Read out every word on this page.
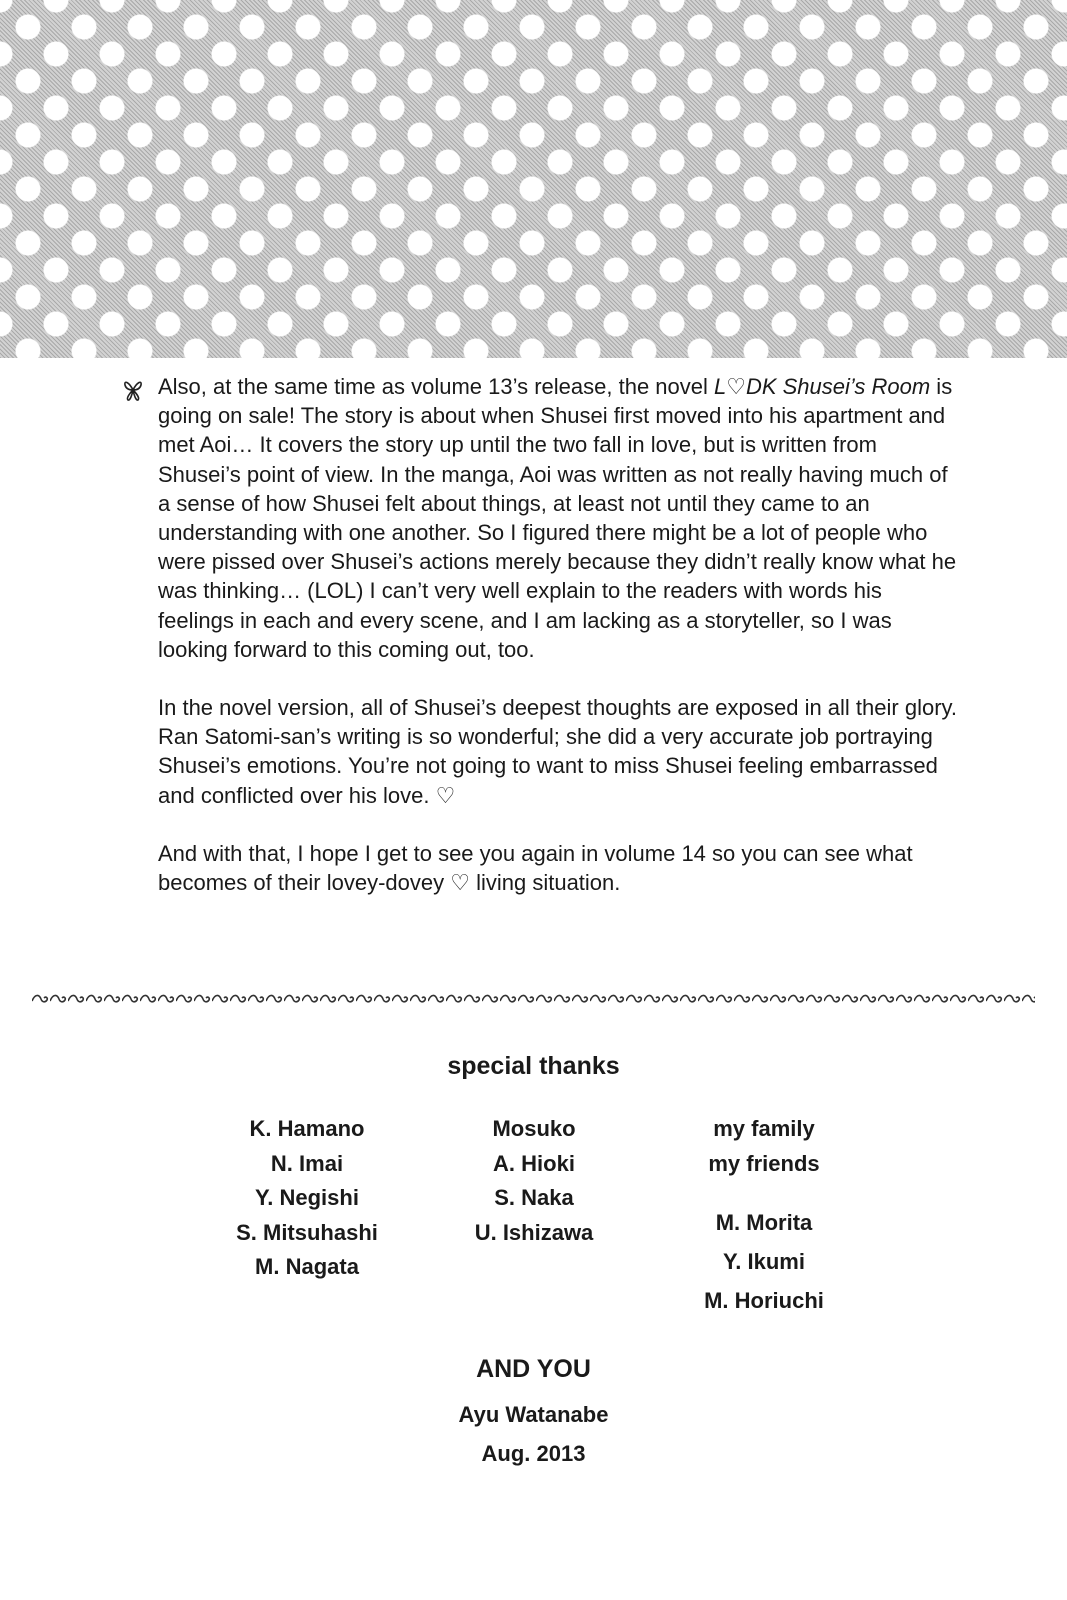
Also, at the same time as volume 13’s release, the novel L♡DK Shusei’s Room is going on sale! The story is about when Shusei first moved into his apartment and met Aoi… It covers the story up until the two fall in love, but is written from Shusei’s point of view. In the manga, Aoi was written as not really having much of a sense of how Shusei felt about things, at least not until they came to an understanding with one another. So I figured there might be a lot of people who were pissed over Shusei’s actions merely because they didn’t really know what he was thinking… (LOL) I can’t very well explain to the readers with words his feelings in each and every scene, and I am lacking as a storyteller, so I was looking forward to this coming out, too.

In the novel version, all of Shusei’s deepest thoughts are exposed in all their glory. Ran Satomi-san’s writing is so wonderful; she did a very accurate job portraying Shusei’s emotions. You’re not going to want to miss Shusei feeling embarrassed and conflicted over his love. ♡

And with that, I hope I get to see you again in volume 14 so you can see what becomes of their lovey-dovey ♡ living situation.

special thanks
K. Hamano
N. Imai
Y. Negishi
S. Mitsuhashi
M. Nagata
Mosuko
A. Hioki
S. Naka
U. Ishizawa
my family
my friends
M. Morita
Y. Ikumi
M. Horiuchi
AND YOU
Ayu Watanabe
Aug. 2013
